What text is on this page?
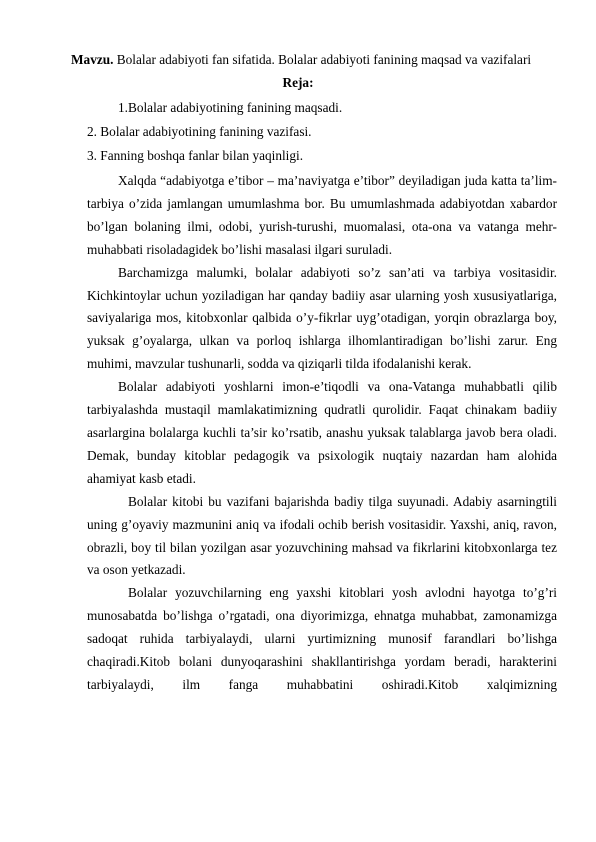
Mavzu. Bolalar adabiyoti fan sifatida. Bolalar adabiyoti fanining maqsad va vazifalari
Reja:
1.Bolalar adabiyotining fanining maqsadi.
2. Bolalar adabiyotining fanining vazifasi.
3. Fanning boshqa fanlar bilan yaqinligi.

Xalqda “adabiyotga e’tibor – ma’naviyatga e’tibor” deyiladigan juda katta ta’lim-tarbiya o’zida jamlangan umumlashma bor. Bu umumlashmada adabiyotdan xabardor bo’lgan bolaning ilmi, odobi, yurish-turushi, muomalasi, ota-ona va vatanga mehr-muhabbati risoladagidek bo’lishi masalasi ilgari suruladi.

Barchamizga malumki, bolalar adabiyoti so’z san’ati va tarbiya vositasidir. Kichkintoylar uchun yoziladigan har qanday badiiy asar ularning yosh xususiyatlariga, saviyalariga mos, kitobxonlar qalbida o’y-fikrlar uyg’otadigan, yorqin obrazlarga boy, yuksak g’oyalarga, ulkan va porloq ishlarga ilhomlantiradigan bo’lishi zarur. Eng muhimi, mavzular tushunarli, sodda va qiziqarli tilda ifodalanishi kerak.

Bolalar adabiyoti yoshlarni imon-e’tiqodli va ona-Vatanga muhabbatli qilib tarbiyalashda mustaqil mamlakatimizning qudratli qurolidir. Faqat chinakam badiiy asarlargina bolalarga kuchli ta’sir ko’rsatib, anashu yuksak talablarga javob bera oladi. Demak, bunday kitoblar pedagogik va psixologik nuqtaiy nazardan ham alohida ahamiyat kasb etadi.

Bolalar kitobi bu vazifani bajarishda badiy tilga suyunadi. Adabiy asarningtili uning g’oyaviy mazmunini aniq va ifodali ochib berish vositasidir. Yaxshi, aniq, ravon, obrazli, boy til bilan yozilgan asar yozuvchining mahsad va fikrlarini kitobxonlarga tez va oson yetkazadi.

Bolalar yozuvchilarning eng yaxshi kitoblari yosh avlodni hayotga to’g’ri munosabatda bo’lishga o’rgatadi, ona diyorimizga, ehnatga muhabbat, zamonamizga sadoqat ruhida tarbiyalaydi, ularni yurtimizning munosif farandlari bo’lishga chaqiradi.Kitob bolani dunyoqarashini shakllantirishga yordam beradi, harakterini tarbiyalaydi, ilm fanga muhabbatini oshiradi.Kitob xalqimizning
